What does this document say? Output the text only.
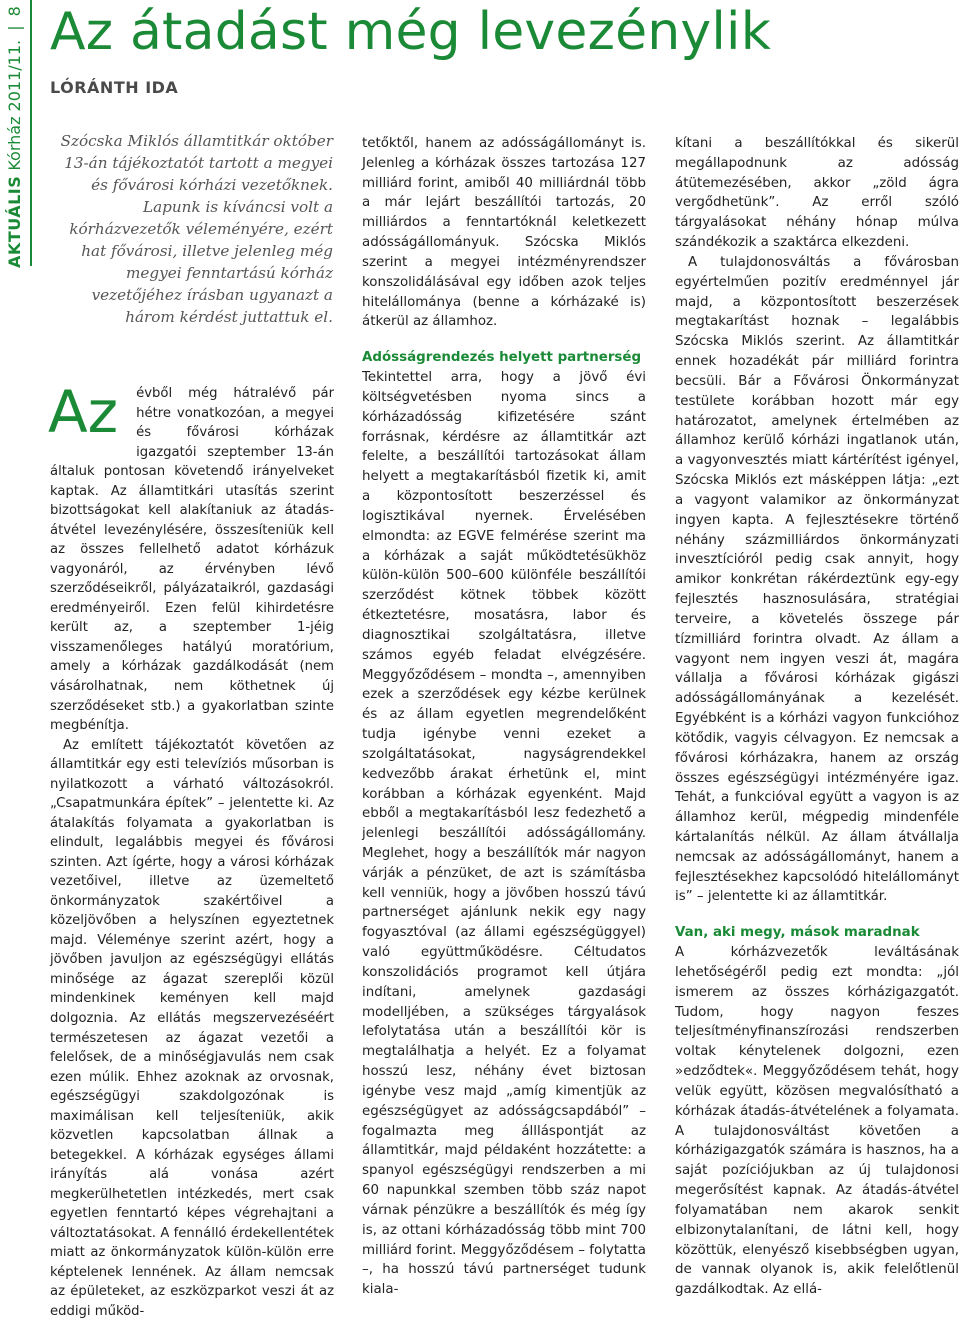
AKTUÁLIS Kórház 2011/11. | 8 Az átadást még levezénylik
LÓRÁNTH IDA
Szócska Miklós államtitkár október 13-án tájékoztatót tartott a megyei és fővárosi kórházi vezetőknek. Lapunk is kíváncsi volt a kórházvezetők véleményére, ezért hat fővárosi, illetve jelenleg még megyei fenntartású kórház vezetőjéhez írásban ugyanazt a három kérdést juttattuk el.

Az évből még hátralévő pár hétre vonatkozóan, a megyei és fővárosi kórházak igazgatói szeptember 13-án általuk pontosan követendő irányelveket kaptak. Az államtitkári utasítás szerint bizottságokat kell alakítaniuk az átadás-átvétel levezénylésére, összesíteniük kell az összes fellelhető adatot kórházuk vagyonáról, az érvényben lévő szerződéseikről, pályázataikról, gazdasági eredményeiről. Ezen felül kihirdetésre került az, a szeptember 1-jéig visszamenőleges hatályú moratórium, amely a kórházak gazdálkodását (nem vásárolhatnak, nem köthetnek új szerződéseket stb.) a gyakorlatban szinte megbénítja.

Az említett tájékoztatót követően az államtitkár egy esti televíziós műsorban is nyilatkozott a várható változásokról. „Csapatmunkára építek” – jelentette ki. Az átalakítás folyamata a gyakorlatban is elindult, legalábbis megyei és fővárosi szinten. Azt ígérte, hogy a városi kórházak vezetőivel, illetve az üzemeltető önkormányzatok szakértőivel a közeljövőben a helyszínen egyeztetnek majd. Véleménye szerint azért, hogy a jövőben javuljon az egészségügyi ellátás minősége az ágazat szereplői közül mindenkinek keményen kell majd dolgoznia. Az ellátás megszervezéséért természetesen az ágazat vezetői a felelősek, de a minőségjavulás nem csak ezen múlik. Ehhez azoknak az orvosnak, egészségügyi szakdolgozónak is maximálisan kell teljesíteniük, akik közvetlen kapcsolatban állnak a betegekkel. A kórházak egységes állami irányítás alá vonása azért megkerülhetetlen intézkedés, mert csak egyetlen fenntartó képes végrehajtani a változtatásokat. A fennálló érdekellentétek miatt az önkormányzatok külön-külön erre képtelenek lennének. Az állam nemcsak az épületeket, az eszközparkot veszi át az eddigi működ-

tetőktől, hanem az adósságállományt is. Jelenleg a kórházak összes tartozása 127 milliárd forint, amiből 40 milliárdnál több a már lejárt beszállítói tartozás, 20 milliárdos a fenntartóknál keletkezett adósságállományuk. Szócska Miklós szerint a megyei intézményrendszer konszolidálásával egy időben azok teljes hitelállománya (benne a kórházaké is) átkerül az államhoz.

Adósságrendezés helyett partnerség

Tekintettel arra, hogy a jövő évi költségvetésben nyoma sincs a kórházadósság kifizetésére szánt forrásnak, kérdésre az államtitkár azt felelte, a beszállítói tartozásokat állam helyett a megtakarításból fizetik ki, amit a központosított beszerzéssel és logisztikával nyernek. Érvelésében elmondta: az EGVE felmérése szerint ma a kórházak a saját működtetésükhöz külön-külön 500–600 különféle beszállítói szerződést kötnek többek között étkeztetésre, mosatásra, labor és diagnosztikai szolgáltatásra, illetve számos egyéb feladat elvégzésére. Meggyőződésem – mondta –, amennyiben ezek a szerződések egy kézbe kerülnek és az állam egyetlen megrendelőként tudja igénybe venni ezeket a szolgáltatásokat, nagyságrendekkel kedvezőbb árakat érhetünk el, mint korábban a kórházak egyenként. Majd ebből a megtakarításból lesz fedezhető a jelenlegi beszállítói adósságállomány. Meglehet, hogy a beszállítók már nagyon várják a pénzüket, de azt is számításba kell venniük, hogy a jövőben hosszú távú partnerséget ajánlunk nekik egy nagy fogyasztóval (az állami egészségüggyel) való együttműködésre. Céltudatos konszolidációs programot kell útjára indítani, amelynek gazdasági modelljében, a szükséges tárgyalások lefolytatása után a beszállítói kör is megtalálhatja a helyét. Ez a folyamat hosszú lesz, néhány évet biztosan igénybe vesz majd „amíg kimentjük az egészségügyet az adósságcsapdából” – fogalmazta meg állláspontját az államtitkár, majd példaként hozzátette: a spanyol egészségügyi rendszerben a mi 60 napunkkal szemben több száz napot várnak pénzükre a beszállítók és még így is, az ottani kórházadósság több mint 700 milliárd forint. Meggyőződésem – folytatta –, ha hosszú távú partnerséget tudunk kiala-

kítani a beszállítókkal és sikerül megállapodnunk az adósság átütemezésében, akkor „zöld ágra vergődhetünk”. Az erről szóló tárgyalásokat néhány hónap múlva szándékozik a szaktárca elkezdeni.

A tulajdonosváltás a fővárosban egyértelműen pozitív eredménnyel jár majd, a központosított beszerzések megtakarítást hoznak – legalábbis Szócska Miklós szerint. Az államtitkár ennek hozadékát pár milliárd forintra becsüli. Bár a Fővárosi Önkormányzat testülete korábban hozott már egy határozatot, amelynek értelmében az államhoz kerülő kórházi ingatlanok után, a vagyonvesztés miatt kártérítést igényel, Szócska Miklós ezt másképpen látja: „ezt a vagyont valamikor az önkormányzat ingyen kapta. A fejlesztésekre történő néhány százmilliárdos önkormányzati invesztícióról pedig csak annyit, hogy amikor konkrétan rákérdeztünk egy-egy fejlesztés hasznosulására, stratégiai terveire, a követelés összege pár tízmilliárd forintra olvadt. Az állam a vagyont nem ingyen veszi át, magára vállalja a fővárosi kórházak gigászi adósságállományának a kezelését. Egyébként is a kórházi vagyon funkcióhoz kötődik, vagyis célvagyon. Ez nemcsak a fővárosi kórházakra, hanem az ország összes egészségügyi intézményére igaz. Tehát, a funkcióval együtt a vagyon is az államhoz kerül, mégpedig mindenféle kártalanítás nélkül. Az állam átvállalja nemcsak az adósságállományt, hanem a fejlesztésekhez kapcsolódó hitelállományt is” – jelentette ki az államtitkár.

Van, aki megy, mások maradnak

A kórházvezetők leváltásának lehetőségéről pedig ezt mondta: „jól ismerem az összes kórházigazgatót. Tudom, hogy nagyon feszes teljesítményfinanszírozási rendszerben voltak kénytelenek dolgozni, ezen »edződtek«. Meggyőződésem tehát, hogy velük együtt, közösen megvalósítható a kórházak átadás-átvételének a folyamata. A tulajdonosváltást követően a kórházigazgatók számára is hasznos, ha a saját pozíciójukban az új tulajdonosi megerősítést kapnak. Az átadás-átvétel folyamatában nem akarok senkit elbizonytalanítani, de látni kell, hogy közöttük, elenyésző kisebbségben ugyan, de vannak olyanok is, akik felelőtlenül gazdálkodtak. Az ellá-
